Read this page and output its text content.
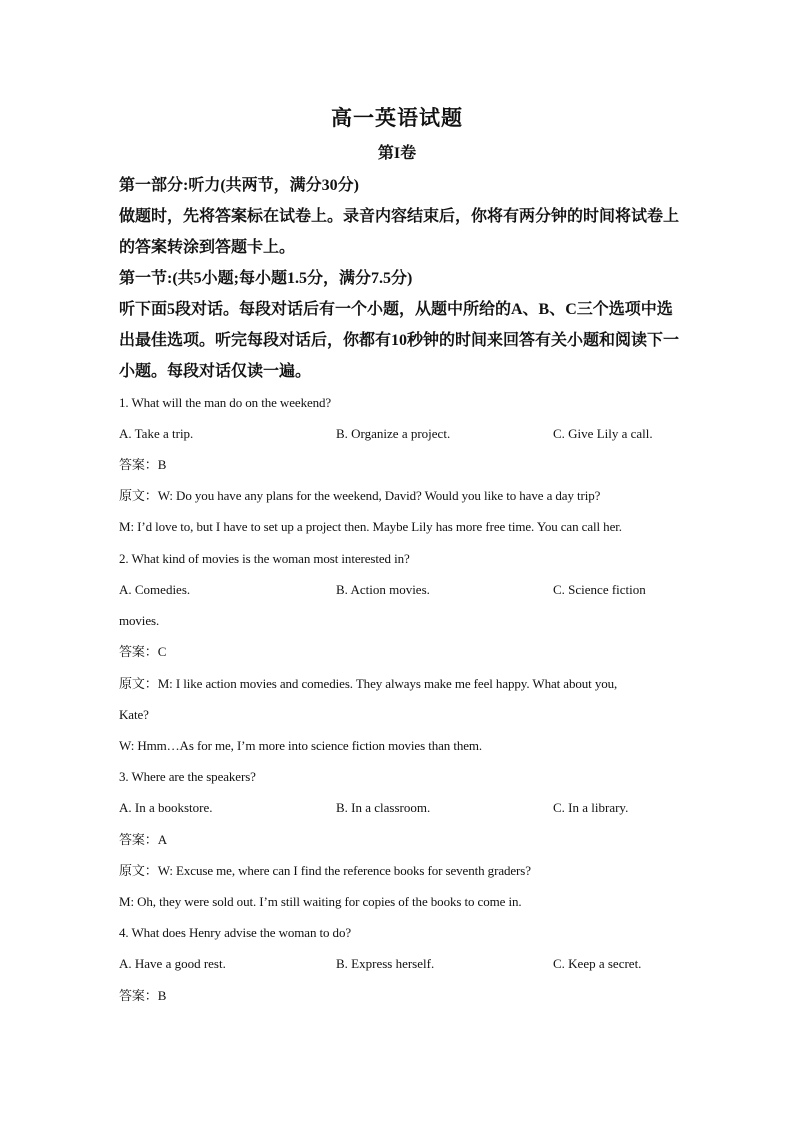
高一英语试题
第I卷
第一部分:听力(共两节，满分30分)
做题时，先将答案标在试卷上。录音内容结束后，你将有两分钟的时间将试卷上
的答案转涂到答题卡上。
第一节:(共5小题;每小题1.5分，满分7.5分)
听下面5段对话。每段对话后有一个小题，从题中所给的A、B、C三个选项中选
出最佳选项。听完每段对话后，你都有10秒钟的时间来回答有关小题和阅读下一
小题。每段对话仅读一遍。
1. What will the man do on the weekend?
A. Take a trip.	B. Organize a project.	C. Give Lily a call.
答案：B
原文：W: Do you have any plans for the weekend, David? Would you like to have a day trip?
M: I’d love to, but I have to set up a project then. Maybe Lily has more free time. You can call her.
2. What kind of movies is the woman most interested in?
A. Comedies.	B. Action movies.	C. Science fiction
movies.
答案：C
原文：M: I like action movies and comedies. They always make me feel happy. What about you,
Kate?
W: Hmm…As for me, I’m more into science fiction movies than them.
3. Where are the speakers?
A. In a bookstore.	B. In a classroom.	C. In a library.
答案：A
原文：W: Excuse me, where can I find the reference books for seventh graders?
M: Oh, they were sold out. I’m still waiting for copies of the books to come in.
4. What does Henry advise the woman to do?
A. Have a good rest.	B. Express herself.	C. Keep a secret.
答案：B
